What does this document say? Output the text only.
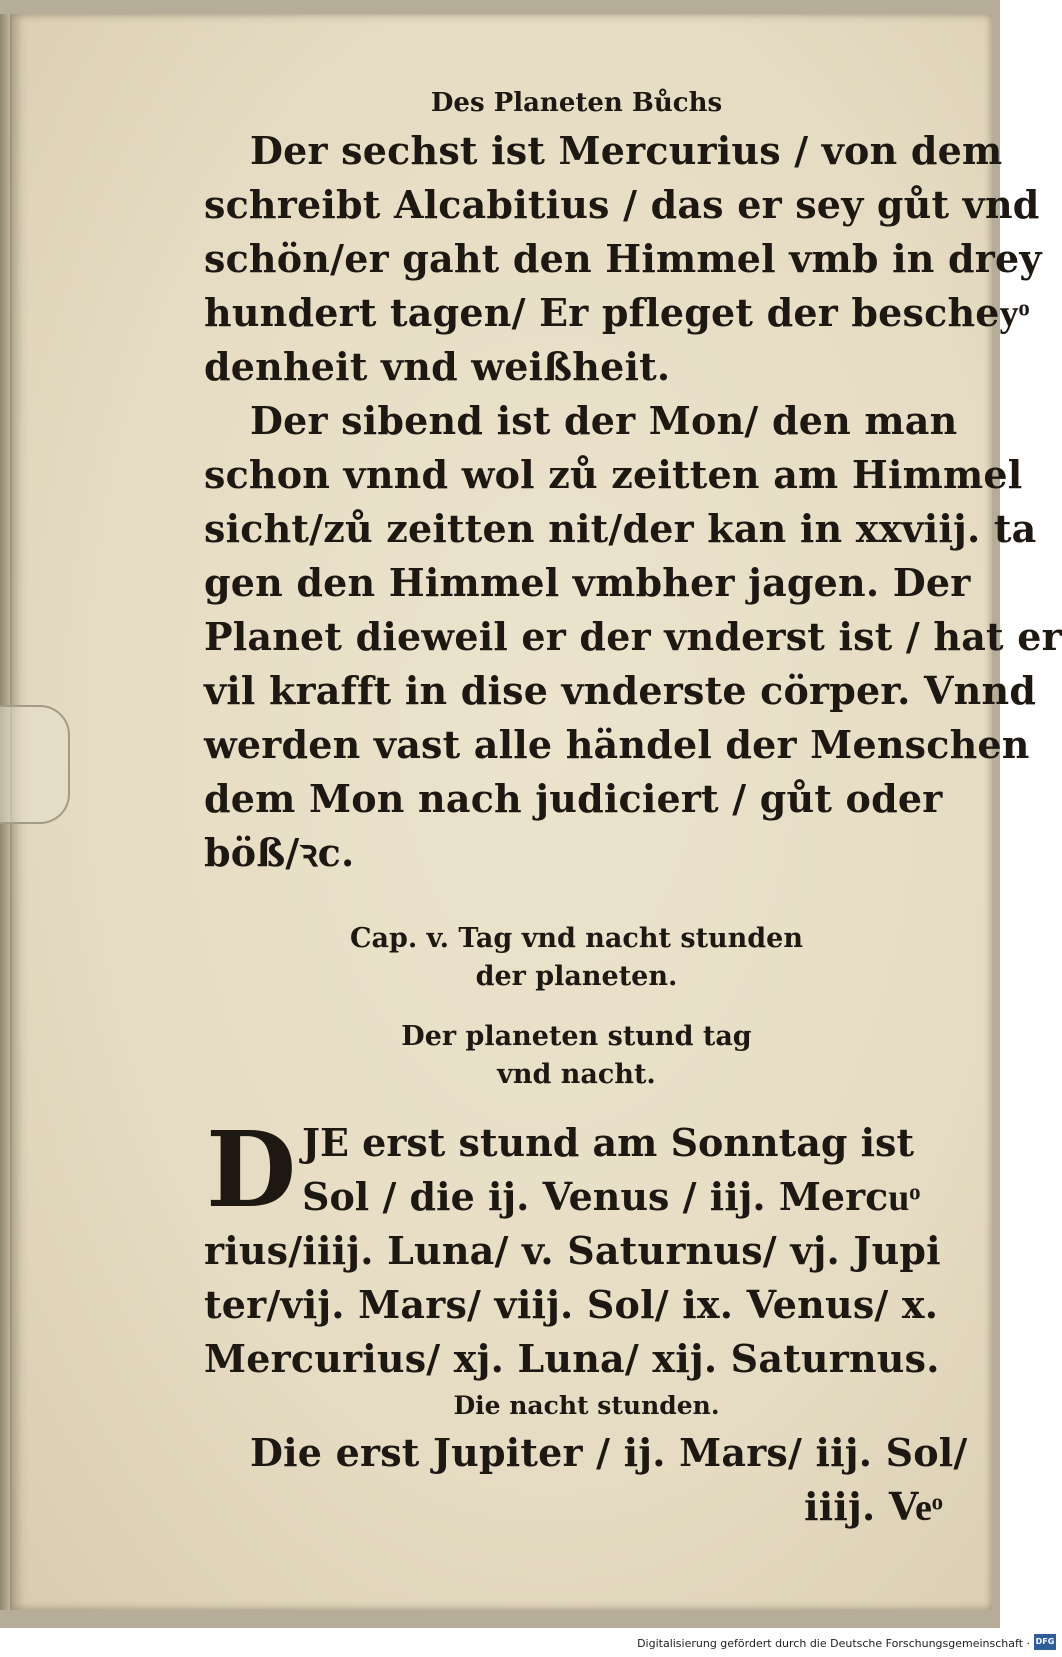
Des Planeten Bůchs
Der sechst ist Mercurius / von dem
schreibt Alcabitius / das er sey gůt vnd
schön/er gaht den Himmel vmb in drey
hundert tagen/ Er pfleget der bescheyͦ
denheit vnd weißheit.
Der sibend ist der Mon/ den man
schon vnnd wol zů zeitten am Himmel
sicht/zů zeitten nit/der kan in xxviij. ta
gen den Himmel vmbher jagen. Der
Planet dieweil er der vnderst ist / hat er
vil krafft in dise vnderste cörper. Vnnd
werden vast alle händel der Menschen
dem Mon nach judiciert / gůt oder
böß/ꝛc.
Cap. v. Tag vnd nacht stunden
der planeten.
Der planeten stund tag
vnd nacht.
D JE erst stund am Sonntag ist
Sol / die ij. Venus / iij. Mercuͦ
rius/iiij. Luna/ v. Saturnus/ vj. Jupi
ter/vij. Mars/ viij. Sol/ ix. Venus/ x.
Mercurius/ xj. Luna/ xij. Saturnus.
Die nacht stunden.
Die erst Jupiter / ij. Mars/ iij. Sol/
iiij. Veͦ
Digitalisierung gefördert durch die Deutsche Forschungsgemeinschaft · DFG
